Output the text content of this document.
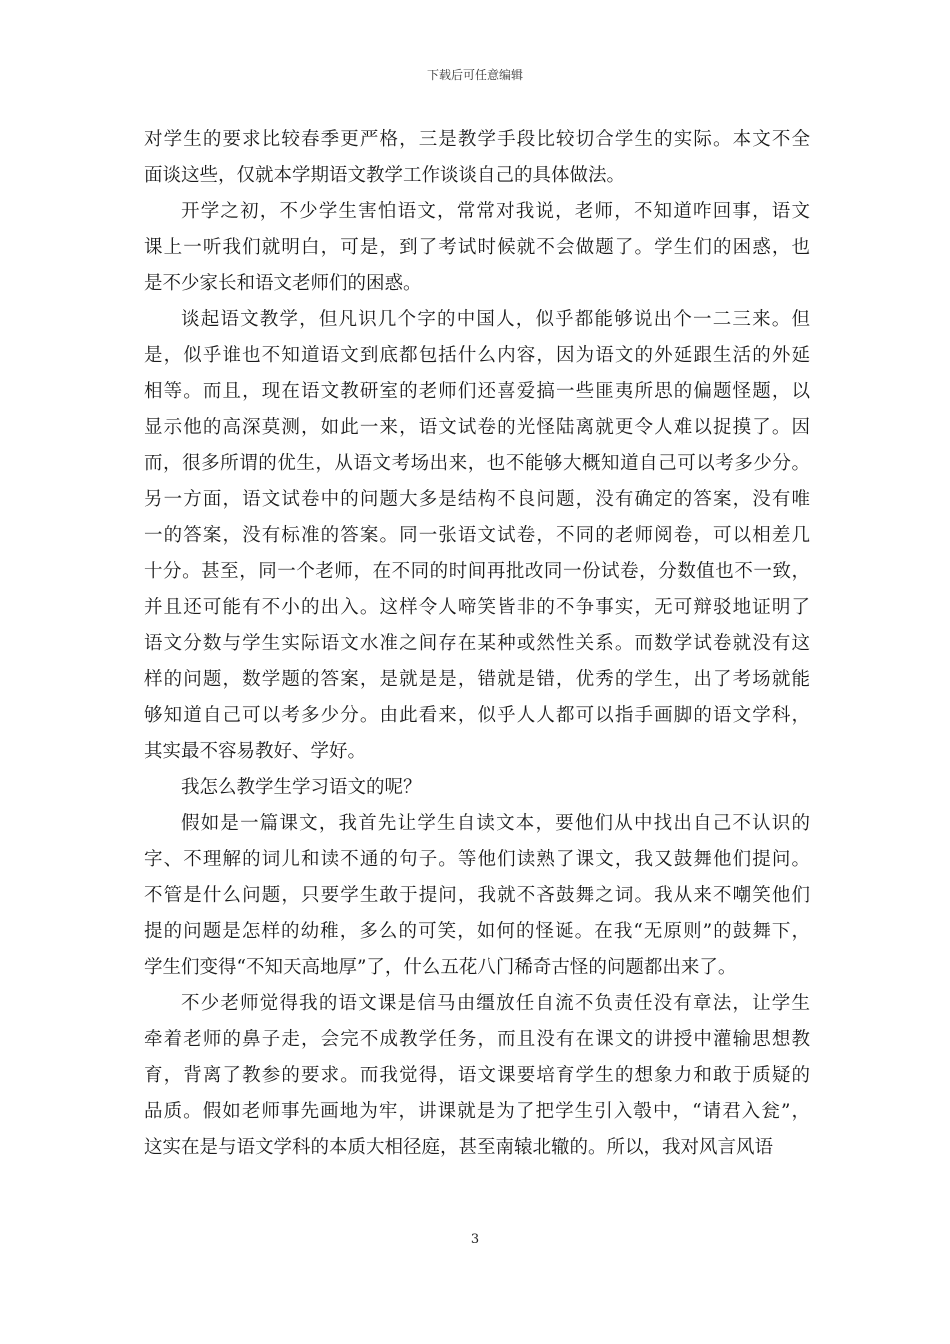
下载后可任意编辑
对学生的要求比较春季更严格，三是教学手段比较切合学生的实际。本文不全
面谈这些，仅就本学期语文教学工作谈谈自己的具体做法。
开学之初，不少学生害怕语文，常常对我说，老师，不知道咋回事，语文
课上一听我们就明白，可是，到了考试时候就不会做题了。学生们的困惑，也
是不少家长和语文老师们的困惑。
谈起语文教学，但凡识几个字的中国人，似乎都能够说出个一二三来。但
是，似乎谁也不知道语文到底都包括什么内容，因为语文的外延跟生活的外延
相等。而且，现在语文教研室的老师们还喜爱搞一些匪夷所思的偏题怪题，以
显示他的高深莫测，如此一来，语文试卷的光怪陆离就更令人难以捉摸了。因
而，很多所谓的优生，从语文考场出来，也不能够大概知道自己可以考多少分。
另一方面，语文试卷中的问题大多是结构不良问题，没有确定的答案，没有唯
一的答案，没有标准的答案。同一张语文试卷，不同的老师阅卷，可以相差几
十分。甚至，同一个老师，在不同的时间再批改同一份试卷，分数值也不一致，
并且还可能有不小的出入。这样令人啼笑皆非的不争事实，无可辩驳地证明了
语文分数与学生实际语文水准之间存在某种或然性关系。而数学试卷就没有这
样的问题，数学题的答案，是就是是，错就是错，优秀的学生，出了考场就能
够知道自己可以考多少分。由此看来，似乎人人都可以指手画脚的语文学科，
其实最不容易教好、学好。
我怎么教学生学习语文的呢？
假如是一篇课文，我首先让学生自读文本，要他们从中找出自己不认识的
字、不理解的词儿和读不通的句子。等他们读熟了课文，我又鼓舞他们提问。
不管是什么问题，只要学生敢于提问，我就不吝鼓舞之词。我从来不嘲笑他们
提的问题是怎样的幼稚，多么的可笑，如何的怪诞。在我“无原则”的鼓舞下，
学生们变得“不知天高地厚”了，什么五花八门稀奇古怪的问题都出来了。
不少老师觉得我的语文课是信马由缰放任自流不负责任没有章法，让学生
牵着老师的鼻子走，会完不成教学任务，而且没有在课文的讲授中灌输思想教
育，背离了教参的要求。而我觉得，语文课要培育学生的想象力和敢于质疑的
品质。假如老师事先画地为牢，讲课就是为了把学生引入彀中，“请君入瓮”，
这实在是与语文学科的本质大相径庭，甚至南辕北辙的。所以，我对风言风语
3
